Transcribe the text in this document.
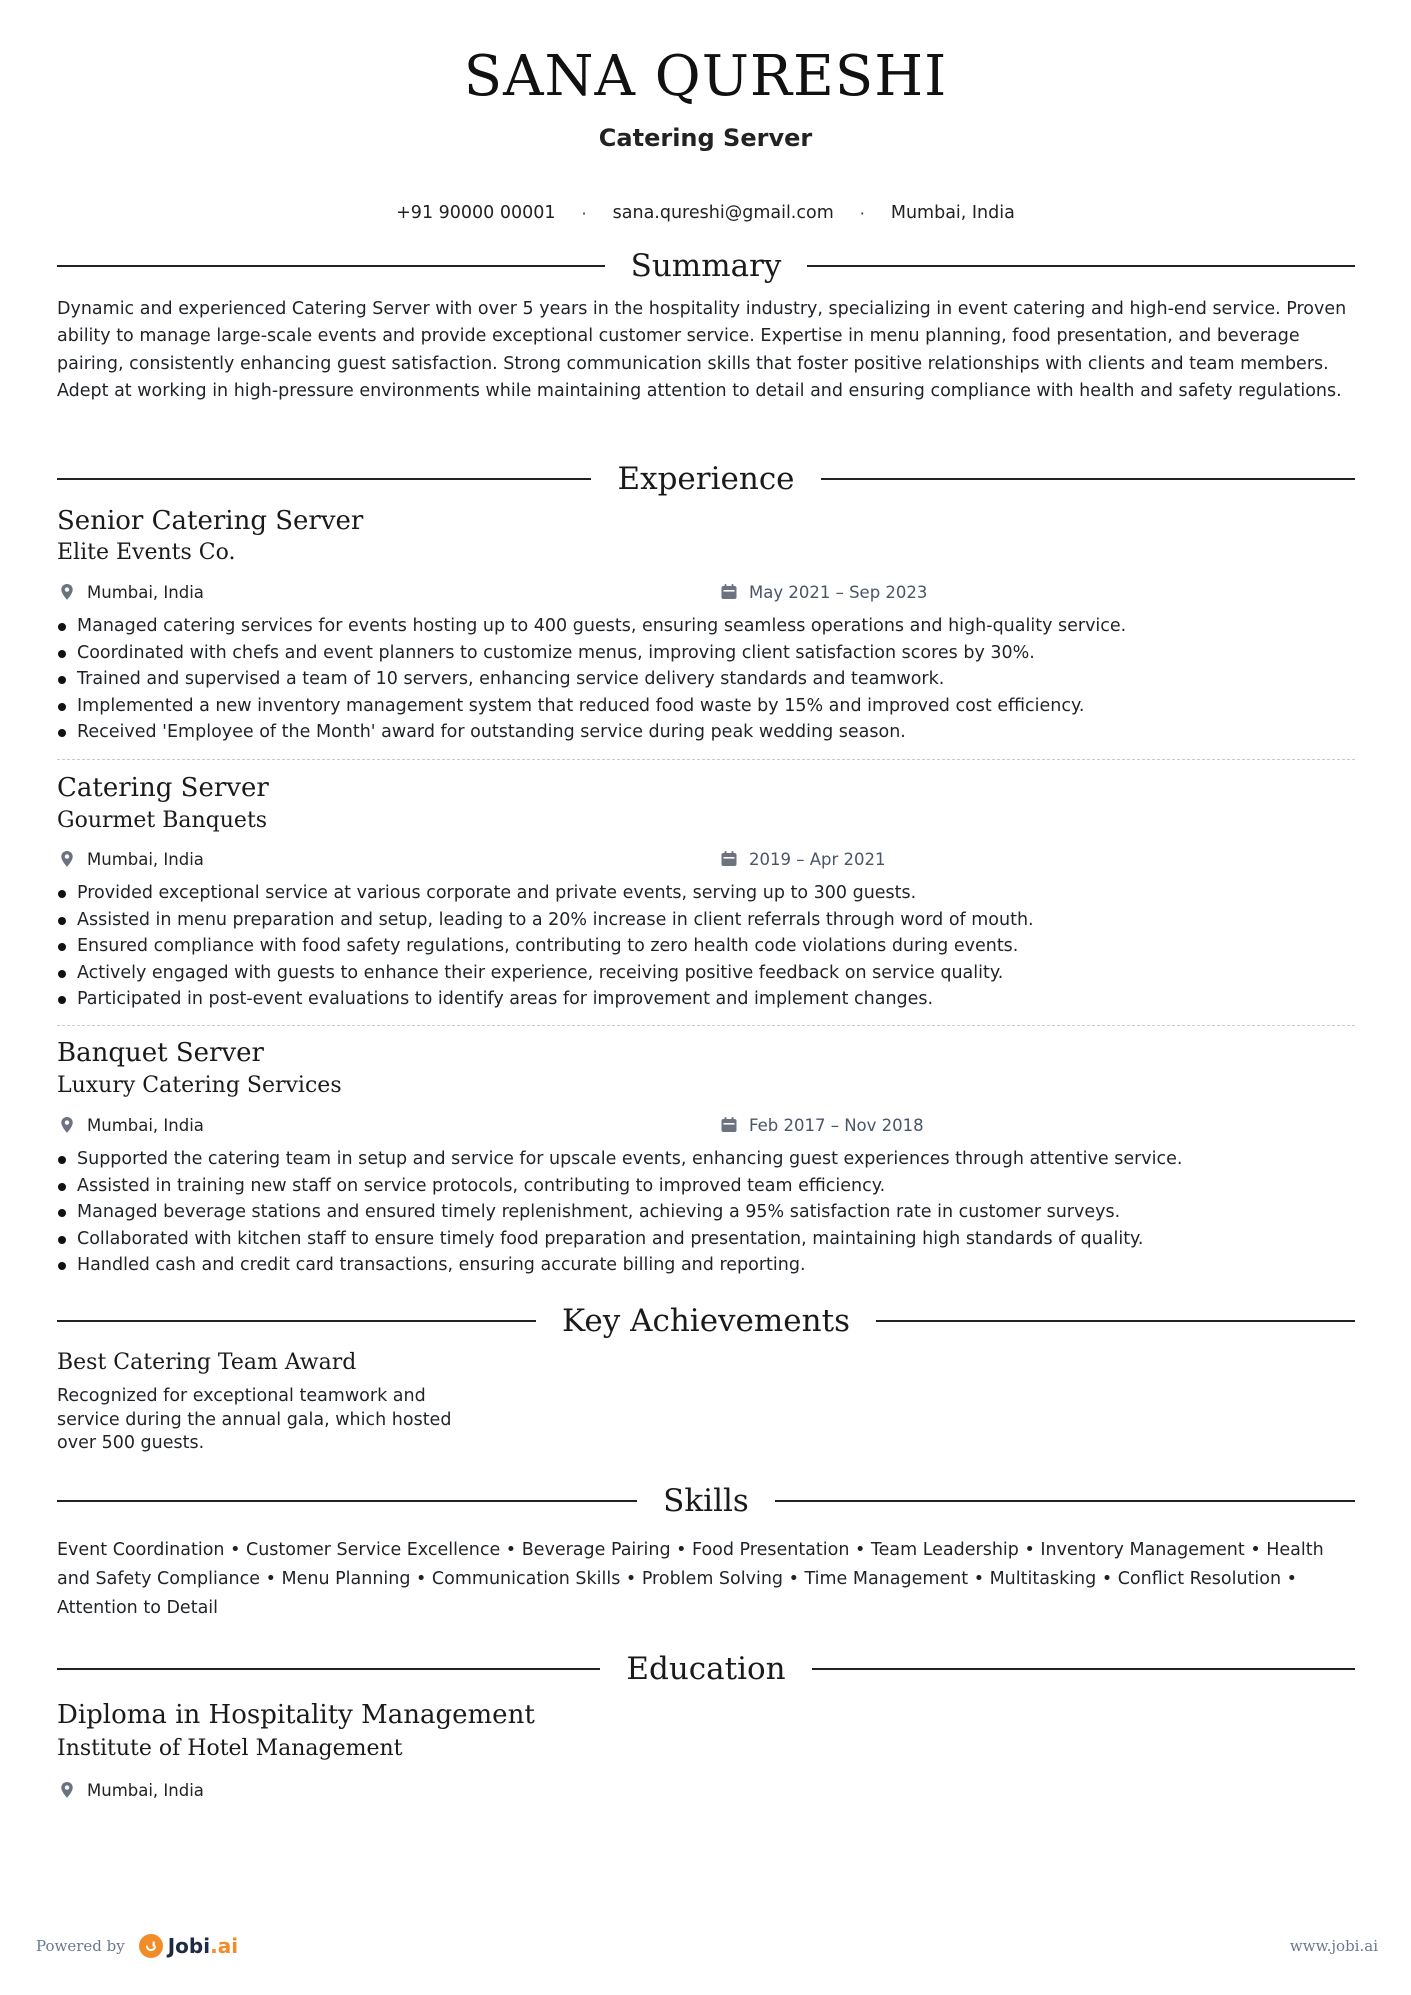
SANA QURESHI
Catering Server
+91 90000 00001 · sana.qureshi@gmail.com · Mumbai, India
Summary
Dynamic and experienced Catering Server with over 5 years in the hospitality industry, specializing in event catering and high-end service. Proven ability to manage large-scale events and provide exceptional customer service. Expertise in menu planning, food presentation, and beverage pairing, consistently enhancing guest satisfaction. Strong communication skills that foster positive relationships with clients and team members. Adept at working in high-pressure environments while maintaining attention to detail and ensuring compliance with health and safety regulations.
Experience
Senior Catering Server
Elite Events Co.
Mumbai, India	May 2021 – Sep 2023
Managed catering services for events hosting up to 400 guests, ensuring seamless operations and high-quality service.
Coordinated with chefs and event planners to customize menus, improving client satisfaction scores by 30%.
Trained and supervised a team of 10 servers, enhancing service delivery standards and teamwork.
Implemented a new inventory management system that reduced food waste by 15% and improved cost efficiency.
Received 'Employee of the Month' award for outstanding service during peak wedding season.
Catering Server
Gourmet Banquets
Mumbai, India	2019 – Apr 2021
Provided exceptional service at various corporate and private events, serving up to 300 guests.
Assisted in menu preparation and setup, leading to a 20% increase in client referrals through word of mouth.
Ensured compliance with food safety regulations, contributing to zero health code violations during events.
Actively engaged with guests to enhance their experience, receiving positive feedback on service quality.
Participated in post-event evaluations to identify areas for improvement and implement changes.
Banquet Server
Luxury Catering Services
Mumbai, India	Feb 2017 – Nov 2018
Supported the catering team in setup and service for upscale events, enhancing guest experiences through attentive service.
Assisted in training new staff on service protocols, contributing to improved team efficiency.
Managed beverage stations and ensured timely replenishment, achieving a 95% satisfaction rate in customer surveys.
Collaborated with kitchen staff to ensure timely food preparation and presentation, maintaining high standards of quality.
Handled cash and credit card transactions, ensuring accurate billing and reporting.
Key Achievements
Best Catering Team Award
Recognized for exceptional teamwork and service during the annual gala, which hosted over 500 guests.
Skills
Event Coordination • Customer Service Excellence • Beverage Pairing • Food Presentation • Team Leadership • Inventory Management • Health and Safety Compliance • Menu Planning • Communication Skills • Problem Solving • Time Management • Multitasking • Conflict Resolution • Attention to Detail
Education
Diploma in Hospitality Management
Institute of Hotel Management
Mumbai, India
Powered by Jobi.ai	www.jobi.ai
